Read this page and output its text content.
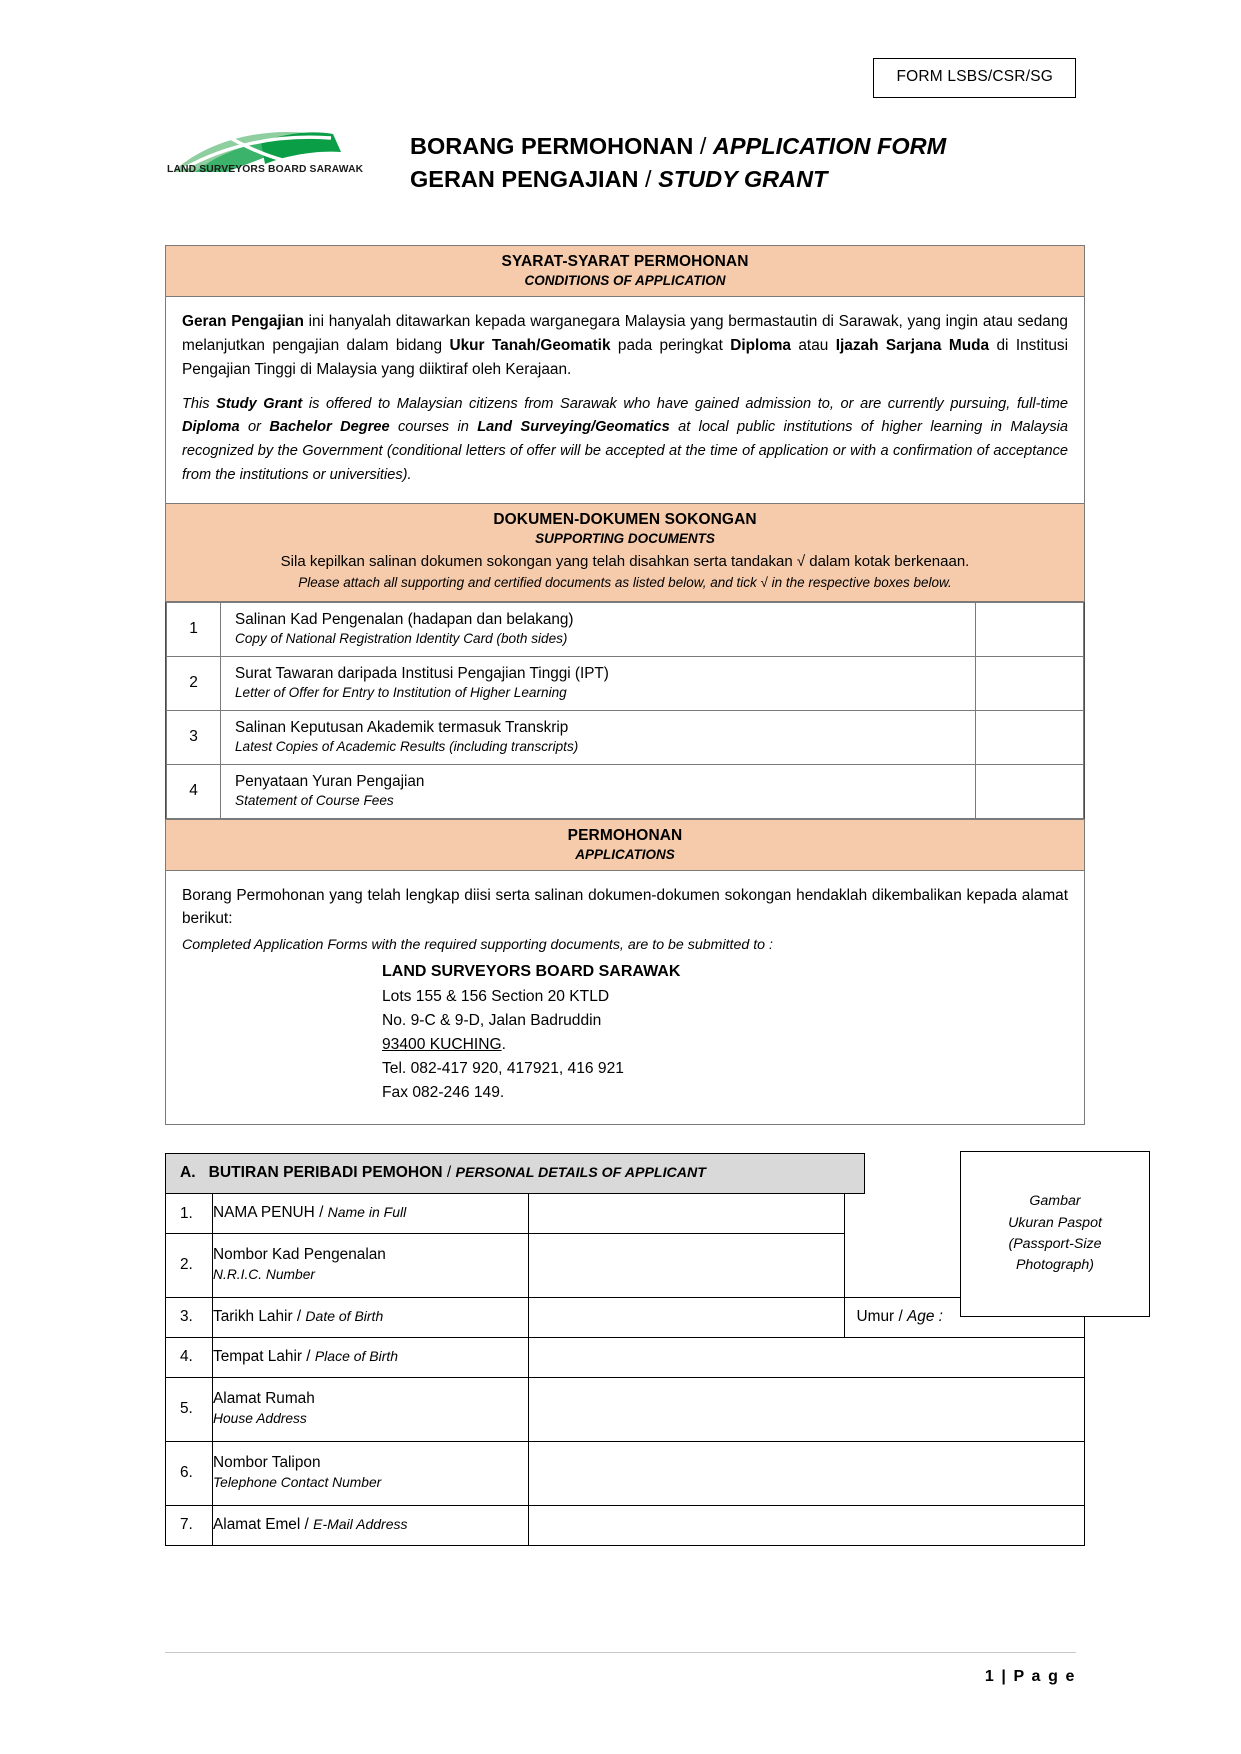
FORM LSBS/CSR/SG
LAND SURVEYORS BOARD SARAWAK
BORANG PERMOHONAN / APPLICATION FORM
GERAN PENGAJIAN / STUDY GRANT
SYARAT-SYARAT PERMOHONAN
CONDITIONS OF APPLICATION

Geran Pengajian ini hanyalah ditawarkan kepada warganegara Malaysia yang bermastautin di Sarawak, yang ingin atau sedang melanjutkan pengajian dalam bidang Ukur Tanah/Geomatik pada peringkat Diploma atau Ijazah Sarjana Muda di Institusi Pengajian Tinggi di Malaysia yang diiktiraf oleh Kerajaan.

This Study Grant is offered to Malaysian citizens from Sarawak who have gained admission to, or are currently pursuing, full-time Diploma or Bachelor Degree courses in Land Surveying/Geomatics at local public institutions of higher learning in Malaysia recognized by the Government (conditional letters of offer will be accepted at the time of application or with a confirmation of acceptance from the institutions or universities).

DOKUMEN-DOKUMEN SOKONGAN
SUPPORTING DOCUMENTS
Sila kepilkan salinan dokumen sokongan yang telah disahkan serta tandakan √ dalam kotak berkenaan.
Please attach all supporting and certified documents as listed below, and tick √ in the respective boxes below.

1	
Salinan Kad Pengenalan (hadapan dan belakang)
Copy of National Registration Identity Card (both sides)

2	
Surat Tawaran daripada Institusi Pengajian Tinggi (IPT)
Letter of Offer for Entry to Institution of Higher Learning

3	
Salinan Keputusan Akademik termasuk Transkrip
Latest Copies of Academic Results (including transcripts)

4	
Penyataan Yuran Pengajian
Statement of Course Fees

PERMOHONAN
APPLICATIONS

Borang Permohonan yang telah lengkap diisi serta salinan dokumen-dokumen sokongan hendaklah dikembalikan kepada alamat berikut:

Completed Application Forms with the required supporting documents, are to be submitted to :

LAND SURVEYORS BOARD SARAWAK
Lots 155 & 156 Section 20 KTLD
No. 9-C & 9-D, Jalan Badruddin
93400 KUCHING.
Tel. 082-417 920, 417921, 416 921
Fax 082-246 149.
A. BUTIRAN PERIBADI PEMOHON / PERSONAL DETAILS OF APPLICANT
Gambar
Ukuran Paspot
(Passport-Size
Photograph)
1.	NAMA PENUH / Name in Full		

2.	Nombor Kad Pengenalan
N.R.I.C. Number		

3.	Tarikh Lahir / Date of Birth		Umur / Age :
4.	Tempat Lahir / Place of Birth		

5.	Alamat Rumah
House Address		

6.	Nombor Talipon
Telephone Contact Number		

7.	Alamat Emel / E-Mail Address		

1 | P a g e
